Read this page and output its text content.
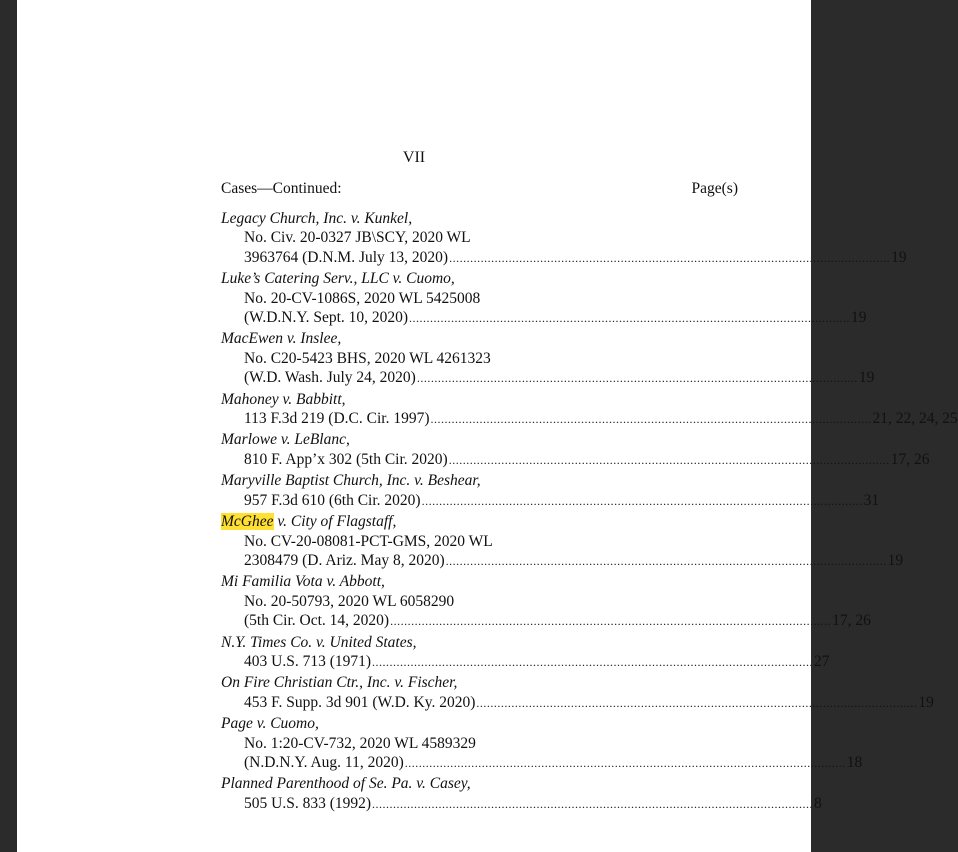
VII
Cases—Continued:	Page(s)
Legacy Church, Inc. v. Kunkel,
No. Civ. 20-0327 JB\SCY, 2020 WL
3963764 (D.N.M. July 13, 2020) .............................................................................................................................. 19
Luke’s Catering Serv., LLC v. Cuomo,
No. 20-CV-1086S, 2020 WL 5425008
(W.D.N.Y. Sept. 10, 2020) .............................................................................................................................. 19
MacEwen v. Inslee,
No. C20-5423 BHS, 2020 WL 4261323
(W.D. Wash. July 24, 2020) .............................................................................................................................. 19
Mahoney v. Babbitt,
113 F.3d 219 (D.C. Cir. 1997) .............................................................................................................................. 21, 22, 24, 25
Marlowe v. LeBlanc,
810 F. App’x 302 (5th Cir. 2020) .............................................................................................................................. 17, 26
Maryville Baptist Church, Inc. v. Beshear,
957 F.3d 610 (6th Cir. 2020) .............................................................................................................................. 31
McGhee v. City of Flagstaff,
No. CV-20-08081-PCT-GMS, 2020 WL
2308479 (D. Ariz. May 8, 2020) .............................................................................................................................. 19
Mi Familia Vota v. Abbott,
No. 20-50793, 2020 WL 6058290
(5th Cir. Oct. 14, 2020) .............................................................................................................................. 17, 26
N.Y. Times Co. v. United States,
403 U.S. 713 (1971) .............................................................................................................................. 27
On Fire Christian Ctr., Inc. v. Fischer,
453 F. Supp. 3d 901 (W.D. Ky. 2020) .............................................................................................................................. 19
Page v. Cuomo,
No. 1:20-CV-732, 2020 WL 4589329
(N.D.N.Y. Aug. 11, 2020) .............................................................................................................................. 18
Planned Parenthood of Se. Pa. v. Casey,
505 U.S. 833 (1992) .............................................................................................................................. 8
